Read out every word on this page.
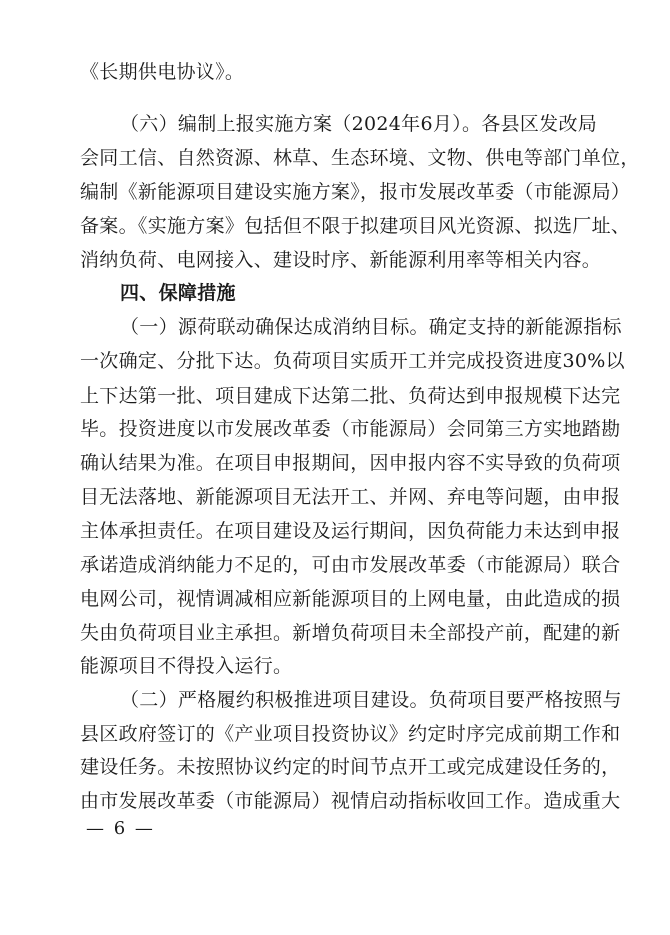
《长期供电协议》。
（六）编制上报实施方案（2024年6月）。各县区发改局
会同工信、自然资源、林草、生态环境、文物、供电等部门单位，
编制《新能源项目建设实施方案》，报市发展改革委（市能源局）
备案。《实施方案》包括但不限于拟建项目风光资源、拟选厂址、
消纳负荷、电网接入、建设时序、新能源利用率等相关内容。
四、保障措施
（一）源荷联动确保达成消纳目标。确定支持的新能源指标
一次确定、分批下达。负荷项目实质开工并完成投资进度30%以
上下达第一批、项目建成下达第二批、负荷达到申报规模下达完
毕。投资进度以市发展改革委（市能源局）会同第三方实地踏勘
确认结果为准。在项目申报期间，因申报内容不实导致的负荷项
目无法落地、新能源项目无法开工、并网、弃电等问题，由申报
主体承担责任。在项目建设及运行期间，因负荷能力未达到申报
承诺造成消纳能力不足的，可由市发展改革委（市能源局）联合
电网公司，视情调减相应新能源项目的上网电量，由此造成的损
失由负荷项目业主承担。新增负荷项目未全部投产前，配建的新
能源项目不得投入运行。
（二）严格履约积极推进项目建设。负荷项目要严格按照与
县区政府签订的《产业项目投资协议》约定时序完成前期工作和
建设任务。未按照协议约定的时间节点开工或完成建设任务的，
由市发展改革委（市能源局）视情启动指标收回工作。造成重大
— 6 —
